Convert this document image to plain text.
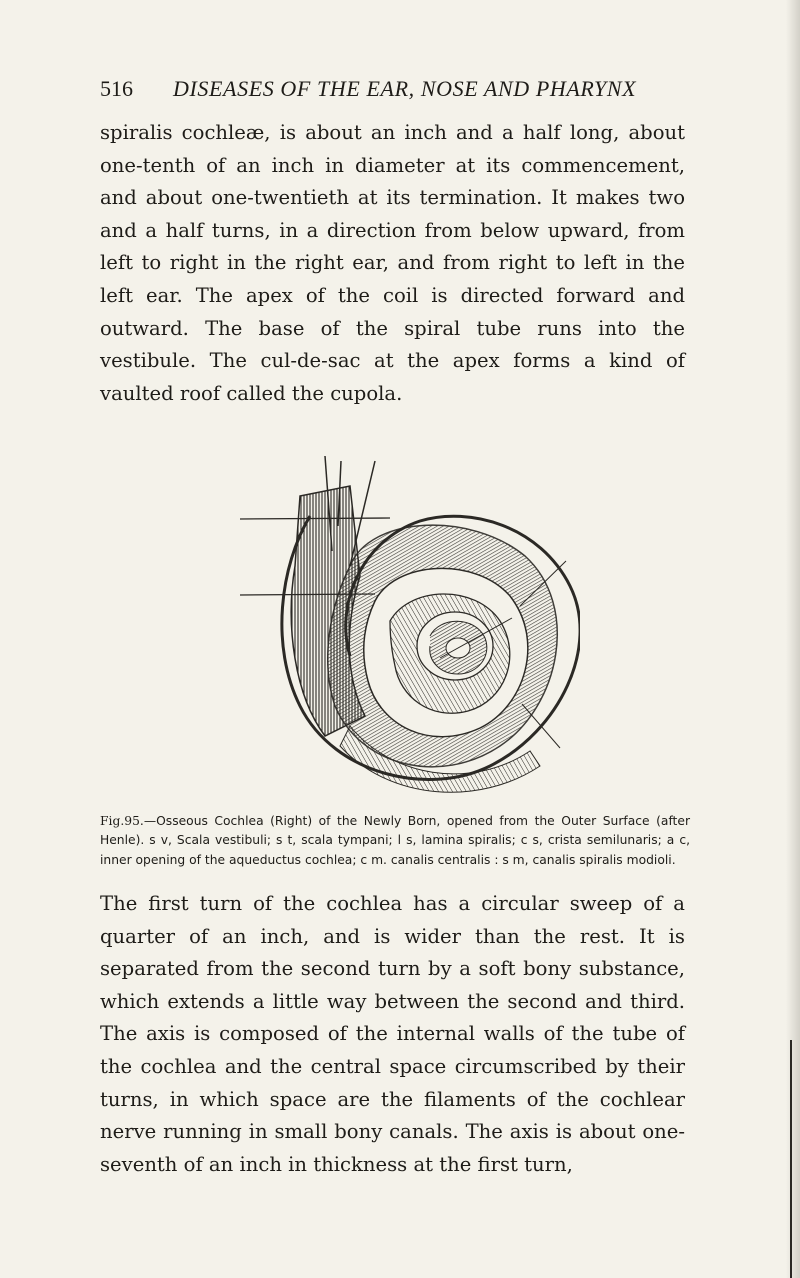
516 DISEASES OF THE EAR, NOSE AND PHARYNX

spiralis cochleæ, is about an inch and a half long, about one-tenth of an inch in diameter at its commencement, and about one-twentieth at its termination. It makes two and a half turns, in a direction from below upward, from left to right in the right ear, and from right to left in the left ear. The apex of the coil is directed forward and outward. The base of the spiral tube runs into the vestibule. The cul-de-sac at the apex forms a kind of vaulted roof called the cupola.

Fig.95.—Osseous Cochlea (Right) of the Newly Born, opened from the Outer Surface (after Henle). s v, Scala vestibuli; s t, scala tympani; l s, lamina spiralis; c s, crista semilunaris; a c, inner opening of the aqueductus cochlea; c m. canalis centralis : s m, canalis spiralis modioli.

The first turn of the cochlea has a circular sweep of a quarter of an inch, and is wider than the rest. It is separated from the second turn by a soft bony substance, which extends a little way between the second and third. The axis is composed of the internal walls of the tube of the cochlea and the central space circumscribed by their turns, in which space are the filaments of the cochlear nerve running in small bony canals. The axis is about one-seventh of an inch in thickness at the first turn,
